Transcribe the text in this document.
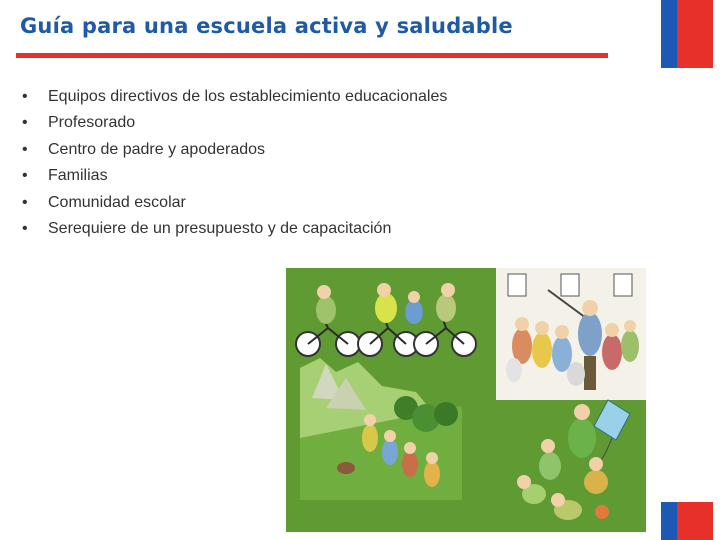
Guía para una escuela activa y saludable
• Equipos directivos de los establecimiento educacionales
• Profesorado
• Centro de padre y apoderados
• Familias
• Comunidad escolar
• Serequiere de un presupuesto y de capacitación
